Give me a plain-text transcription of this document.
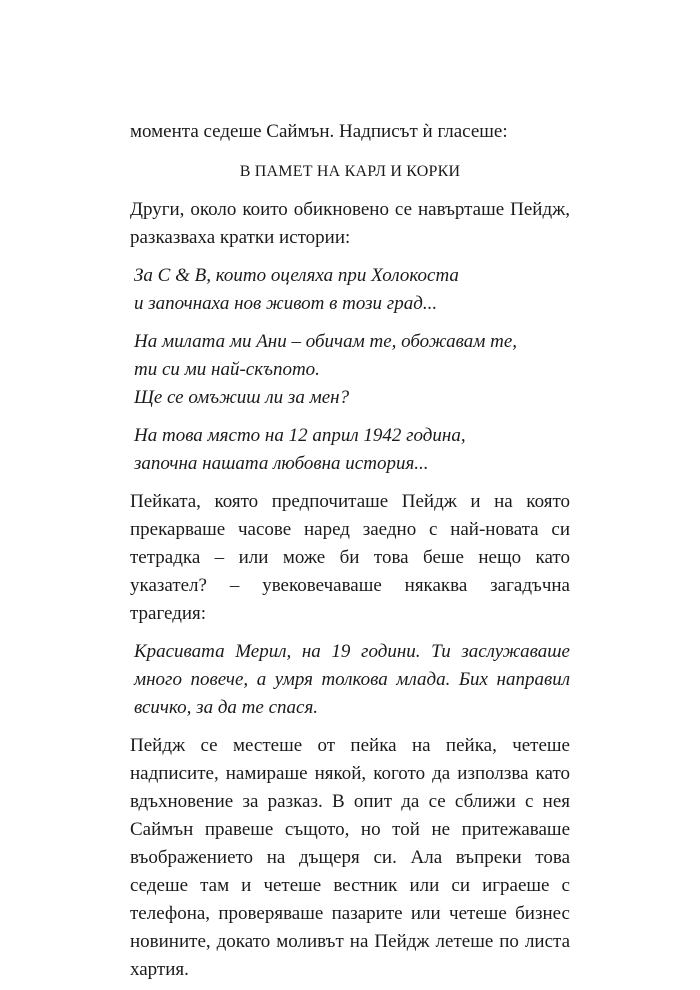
момента седеше Саймън. Надписът ѝ гласеше:

В ПАМЕТ НА КАРЛ И КОРКИ

Други, около които обикновено се навърташе Пейдж, разказваха кратки истории:

За С & В, които оцеляха при Холокоста
и започнаха нов живот в този град...

На милата ми Ани – обичам те, обожавам те,
ти си ми най-скъпото.
Ще се омъжиш ли за мен?

На това място на 12 април 1942 година,
започна нашата любовна история...

Пейката, която предпочиташе Пейдж и на която прекарваше часове наред заедно с най-новата си тетрадка – или може би това беше нещо като указател? – увековечаваше някаква загадъчна трагедия:

Красивата Мерил, на 19 години. Ти заслужаваше много повече, а умря толкова млада. Бих направил всичко, за да те спася.

Пейдж се местеше от пейка на пейка, четеше надписите, намираше някой, когото да използва като вдъхновение за разказ. В опит да се сближи с нея Саймън правеше същото, но той не притежаваше въображението на дъщеря си. Ала въпреки това седеше там и четеше вестник или си играеше с телефона, проверяваше пазарите или четеше бизнес новините, докато моливът на Пейдж летеше по листа хартия.
